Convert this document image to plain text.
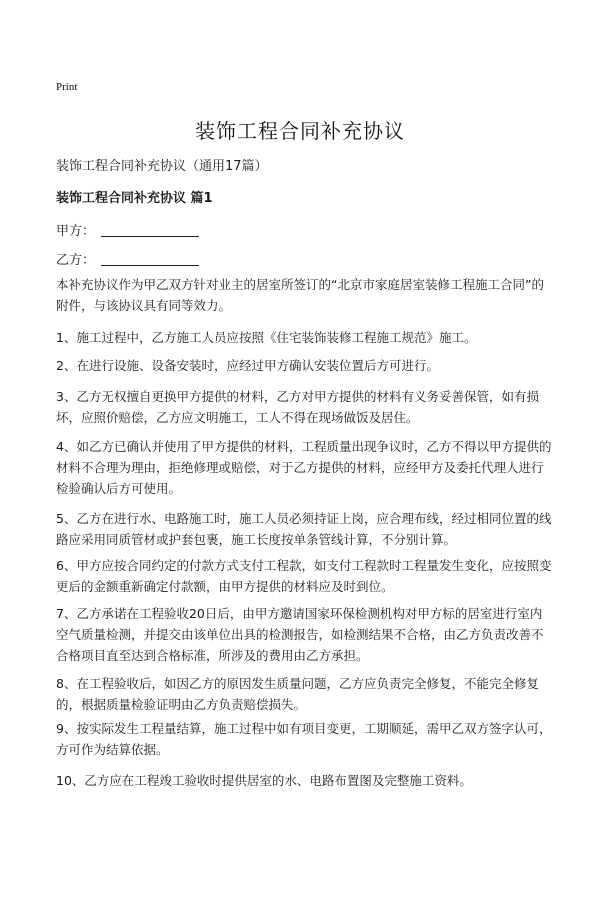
Print
装饰工程合同补充协议
装饰工程合同补充协议（通用17篇）
装饰工程合同补充协议 篇1
甲方：
乙方：

本补充协议作为甲乙双方针对业主的居室所签订的“北京市家庭居室装修工程施工合同”的附件，与该协议具有同等效力。

1、施工过程中，乙方施工人员应按照《住宅装饰装修工程施工规范》施工。

2、在进行设施、设备安装时，应经过甲方确认安装位置后方可进行。

3、乙方无权擅自更换甲方提供的材料，乙方对甲方提供的材料有义务妥善保管，如有损坏，应照价赔偿，乙方应文明施工，工人不得在现场做饭及居住。

4、如乙方已确认并使用了甲方提供的材料，工程质量出现争议时，乙方不得以甲方提供的材料不合理为理由，拒绝修理或赔偿，对于乙方提供的材料，应经甲方及委托代理人进行检验确认后方可使用。

5、乙方在进行水、电路施工时，施工人员必须持证上岗，应合理布线，经过相同位置的线路应采用同质管材或护套包裹，施工长度按单条管线计算，不分别计算。

6、甲方应按合同约定的付款方式支付工程款，如支付工程款时工程量发生变化，应按照变更后的金额重新确定付款额，由甲方提供的材料应及时到位。

7、乙方承诺在工程验收20日后，由甲方邀请国家环保检测机构对甲方标的居室进行室内空气质量检测，并提交由该单位出具的检测报告，如检测结果不合格，由乙方负责改善不合格项目直至达到合格标准，所涉及的费用由乙方承担。

8、在工程验收后，如因乙方的原因发生质量问题，乙方应负责完全修复，不能完全修复的，根据质量检验证明由乙方负责赔偿损失。

9、按实际发生工程量结算，施工过程中如有项目变更，工期顺延，需甲乙双方签字认可，方可作为结算依据。

10、乙方应在工程竣工验收时提供居室的水、电路布置图及完整施工资料。
